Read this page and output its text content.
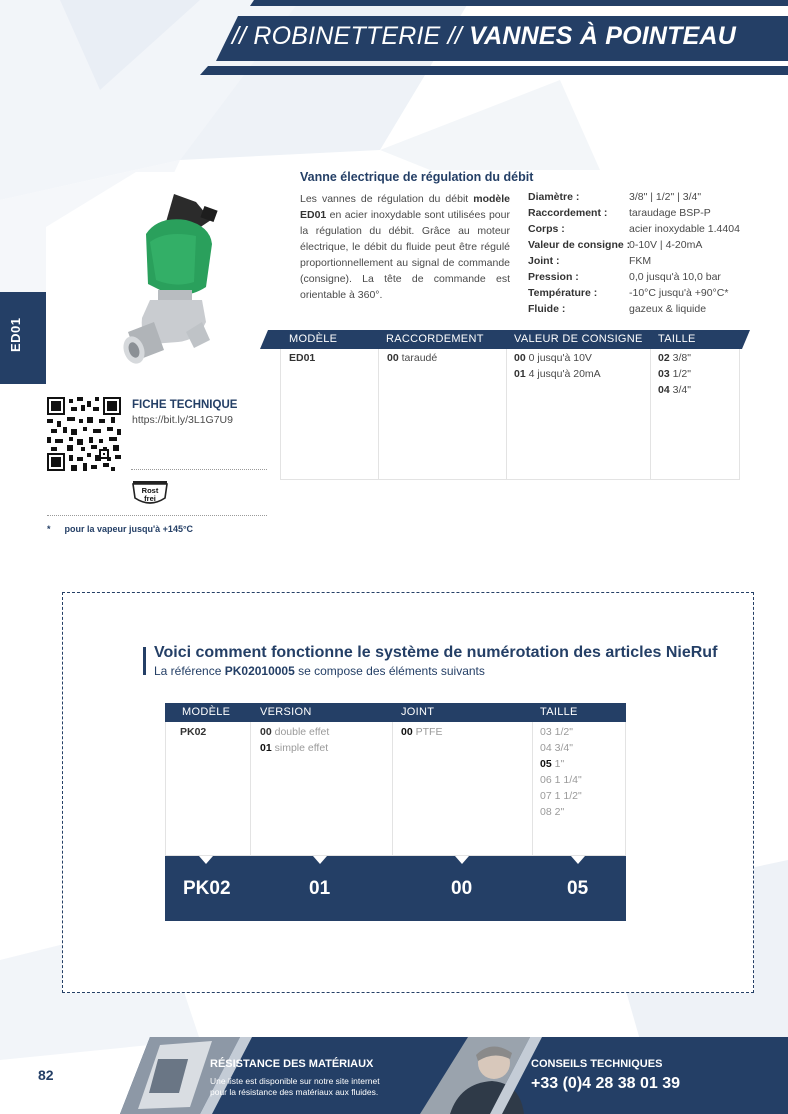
// ROBINETTERIE // VANNES À POINTEAU
ED01
Vanne électrique de régulation du débit
Les vannes de régulation du débit modèle ED01 en acier inoxydable sont utilisées pour la régulation du débit. Grâce au moteur électrique, le débit du fluide peut être régulé proportionnellement au signal de commande (consigne). La tête de commande est orientable à 360°.
Diamètre :	3/8" | 1/2" | 3/4"
Raccordement : taraudage BSP-P
Corps :	acier inoxydable 1.4404
Valeur de consigne :
0-10V | 4-20mA
Joint :	FKM
Pression :	0,0 jusqu'à 10,0 bar
Température :	-10°C jusqu'à +90°C*
Fluide :	gazeux & liquide
MODÈLE	RACCORDEMENT	VALEUR DE CONSIGNE TAILLE
ED01	00 taraudé	00 0 jusqu'à 10V
01 4 jusqu'à 20mA
02 3/8"
03 1/2"
04 3/4"
FICHE TECHNIQUE
https://bit.ly/3L1G7U9
Rost
frei
* pour la vapeur jusqu'à +145°C
Voici comment fonctionne le système de numérotation des articles NieRuf
La référence PK02010005 se compose des éléments suivants
MODÈLE	VERSION	JOINT	TAILLE
PK02	00 double effet
01 simple effet
00 PTFE	03 1/2"
04 3/4"
05 1"
06 1 1/4"
07 1 1/2"
08 2"
PK02	01	00	05
82
RÉSISTANCE DES MATÉRIAUX
Une liste est disponible sur notre site internet
pour la résistance des matériaux aux fluides.
CONSEILS TECHNIQUES
+33 (0)4 28 38 01 39
